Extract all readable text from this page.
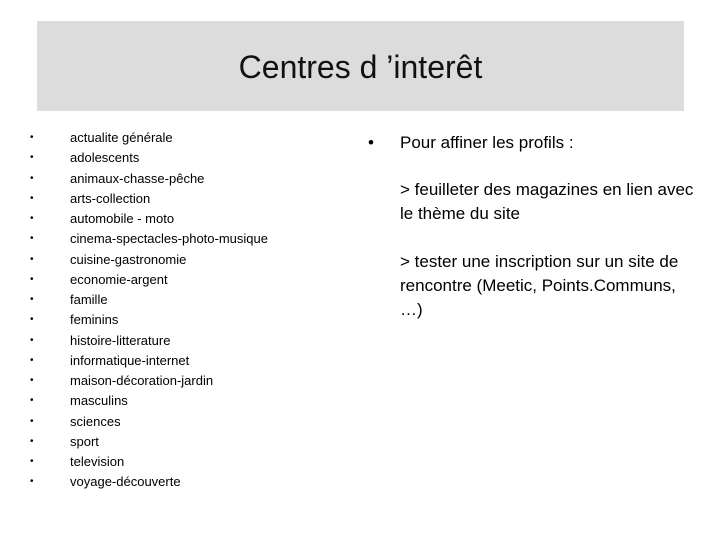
Centres d ’interêt
•	actualite générale
•	adolescents
•	animaux-chasse-pêche
•	arts-collection
•	automobile - moto
•	cinema-spectacles-photo-musique
•	cuisine-gastronomie
•	economie-argent
•	famille
•	feminins
•	histoire-litterature
•	informatique-internet
•	maison-décoration-jardin
•	masculins
•	sciences
•	sport
•	television
•	voyage-découverte
• Pour affiner les profils :
> feuilleter des magazines en lien avec le thème du site
> tester une inscription sur un site de rencontre (Meetic, Points.Communs, …)
